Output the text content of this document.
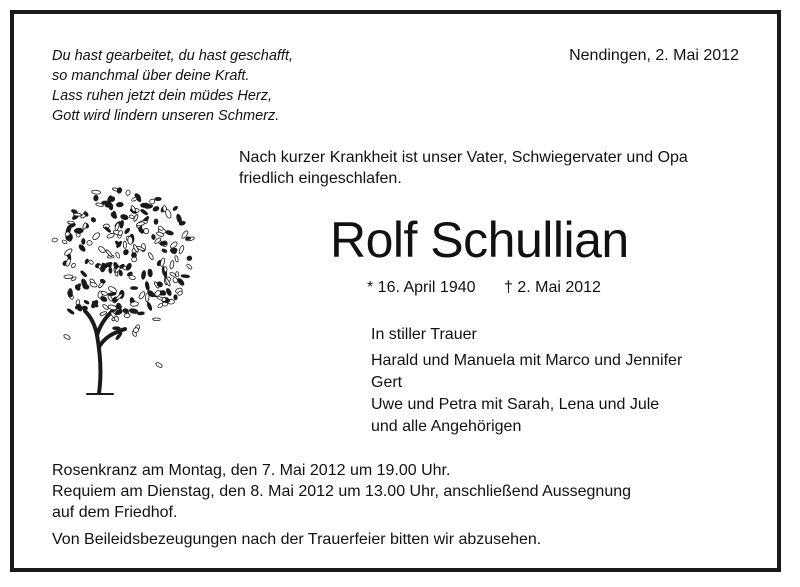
Du hast gearbeitet, du hast geschafft,
so manchmal über deine Kraft.
Lass ruhen jetzt dein müdes Herz,
Gott wird lindern unseren Schmerz.
Nendingen, 2. Mai 2012
Nach kurzer Krankheit ist unser Vater, Schwiegervater und Opa
friedlich eingeschlafen.
Rolf Schullian
* 16. April 1940 † 2. Mai 2012
In stiller Trauer
Harald und Manuela mit Marco und Jennifer
Gert
Uwe und Petra mit Sarah, Lena und Jule
und alle Angehörigen
Rosenkranz am Montag, den 7. Mai 2012 um 19.00 Uhr.
Requiem am Dienstag, den 8. Mai 2012 um 13.00 Uhr, anschließend Aussegnung
auf dem Friedhof.
Von Beileidsbezeugungen nach der Trauerfeier bitten wir abzusehen.
